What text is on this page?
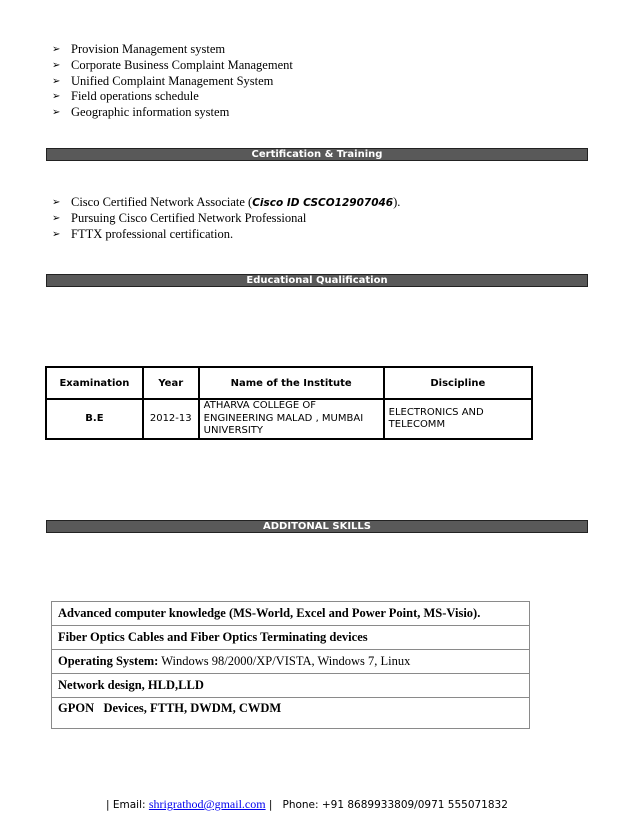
➢ Provision Management system
➢ Corporate Business Complaint Management
➢ Unified Complaint Management System
➢ Field operations schedule
➢ Geographic information system
Certification & Training
➢ Cisco Certified Network Associate (Cisco ID CSCO12907046).
➢ Pursuing Cisco Certified Network Professional
➢ FTTX professional certification.
Educational Qualification
Examination	Year	Name of the Institute	Discipline
B.E	2012-13	ATHARVA COLLEGE OF ENGINEERING MALAD , MUMBAI UNIVERSITY	ELECTRONICS AND TELECOMM
ADDITONAL SKILLS
Advanced computer knowledge (MS-World, Excel and Power Point, MS-Visio).
Fiber Optics Cables and Fiber Optics Terminating devices
Operating System: Windows 98/2000/XP/VISTA, Windows 7, Linux
Network design, HLD,LLD
GPON   Devices, FTTH, DWDM, CWDM
| Email: shrigrathod@gmail.com |   Phone: +91 8689933809/0971 555071832
